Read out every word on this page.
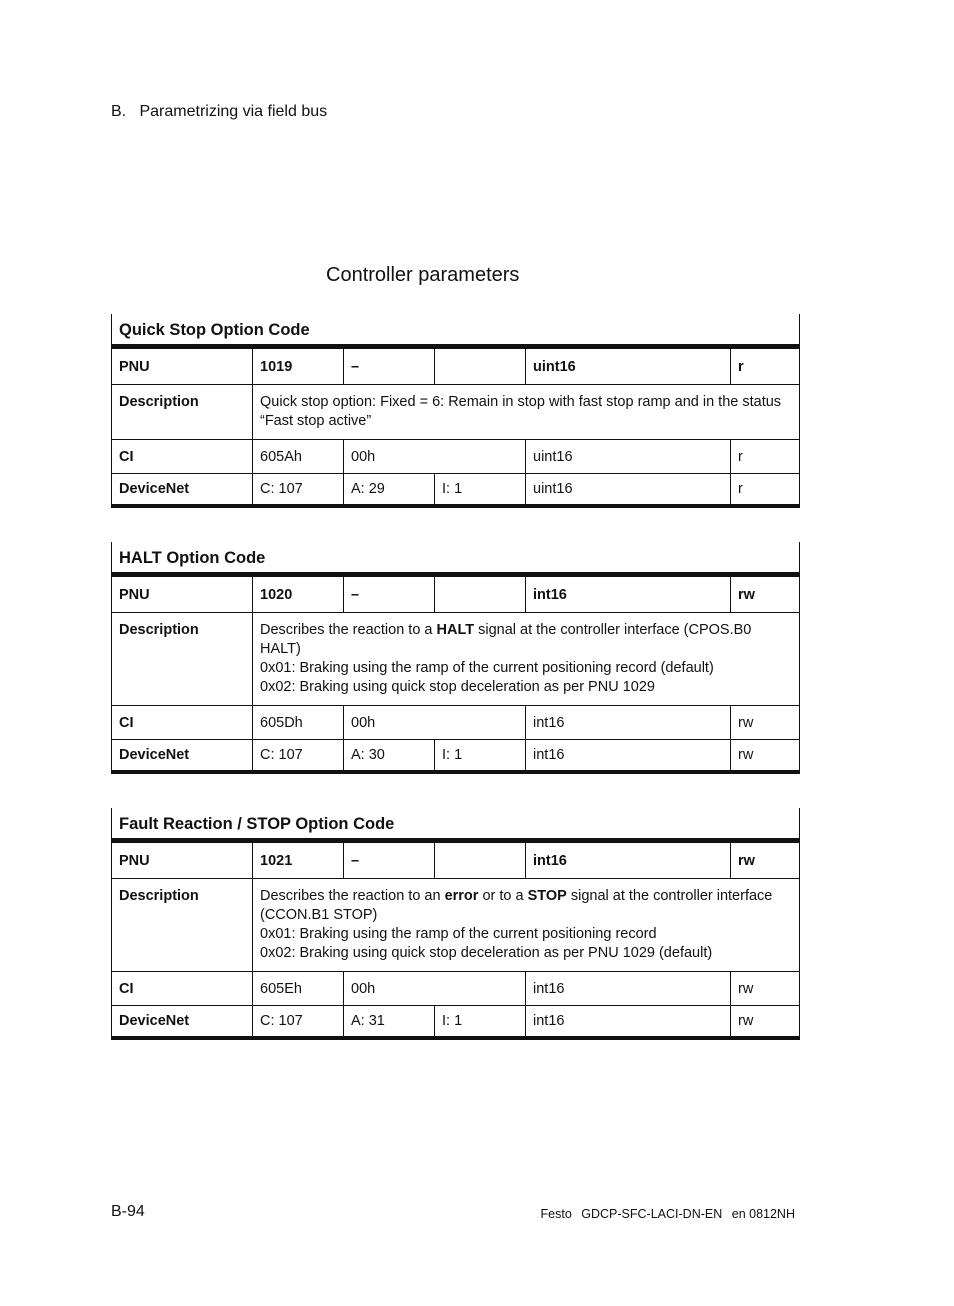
B. Parametrizing via field bus
Controller parameters
Quick Stop Option Code					
PNU	1019	–		uint16	r
Description	Quick stop option: Fixed = 6: Remain in stop with fast stop ramp and in the status “Fast stop active”				

CI	605Ah	00h		uint16	r
DeviceNet	C: 107	A: 29	I: 1	uint16	r
HALT Option Code					
PNU	1020	–		int16	rw
Description	Describes the reaction to a HALT signal at the controller interface (CPOS.B0 HALT)
0x01: Braking using the ramp of the current positioning record (default)
0x02: Braking using quick stop deceleration as per PNU 1029				

CI	605Dh	00h		int16	rw
DeviceNet	C: 107	A: 30	I: 1	int16	rw
Fault Reaction / STOP Option Code					
PNU	1021	–		int16	rw
Description	Describes the reaction to an error or to a STOP signal at the controller interface (CCON.B1 STOP)
0x01: Braking using the ramp of the current positioning record
0x02: Braking using quick stop deceleration as per PNU 1029 (default)				

CI	605Eh	00h		int16	rw
DeviceNet	C: 107	A: 31	I: 1	int16	rw
B-94	Festo GDCP-SFC-LACI-DN-EN en 0812NH
